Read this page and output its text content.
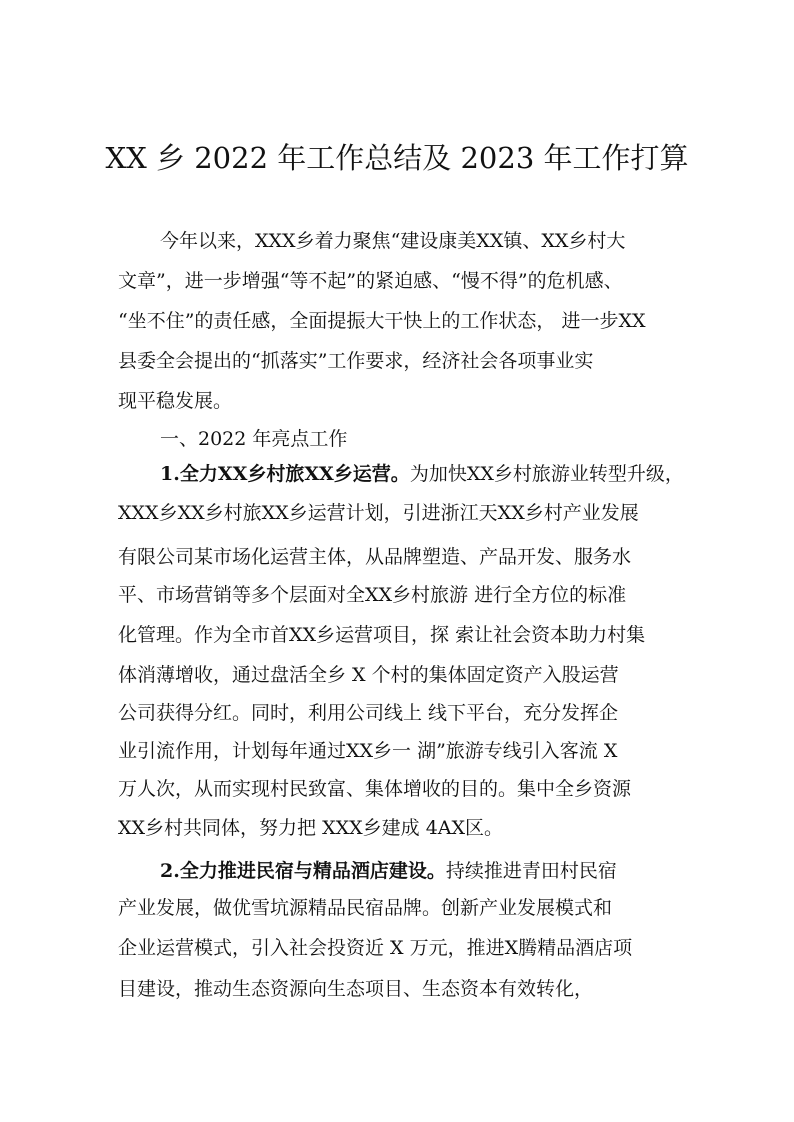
XX 乡 2022 年工作总结及 2023 年工作打算
今年以来，XXX乡着力聚焦“建设康美XX镇、XX乡村大
文章”，进一步增强“等不起”的紧迫感、“慢不得”的危机感、
“坐不住”的责任感，全面提振大干快上的工作状态， 进一步XX
县委全会提出的“抓落实”工作要求，经济社会各项事业实
现平稳发展。
一、2022 年亮点工作
1.全力XX乡村旅XX乡运营。为加快XX乡村旅游业转型升级，
XXX乡XX乡村旅XX乡运营计划，引进浙江天XX乡村产业发展
有限公司某市场化运营主体，从品牌塑造、产品开发、服务水
平、市场营销等多个层面对全XX乡村旅游 进行全方位的标准
化管理。作为全市首XX乡运营项目，探 索让社会资本助力村集
体消薄增收，通过盘活全乡 X 个村的集体固定资产入股运营
公司获得分红。同时，利用公司线上 线下平台，充分发挥企
业引流作用，计划每年通过XX乡一 湖”旅游专线引入客流 X
万人次，从而实现村民致富、集体增收的目的。集中全乡资源
XX乡村共同体，努力把 XXX乡建成 4AX区。
2.全力推进民宿与精品酒店建设。持续推进青田村民宿
产业发展，做优雪坑源精品民宿品牌。创新产业发展模式和
企业运营模式，引入社会投资近 X 万元，推进X腾精品酒店项
目建设，推动生态资源向生态项目、生态资本有效转化，
